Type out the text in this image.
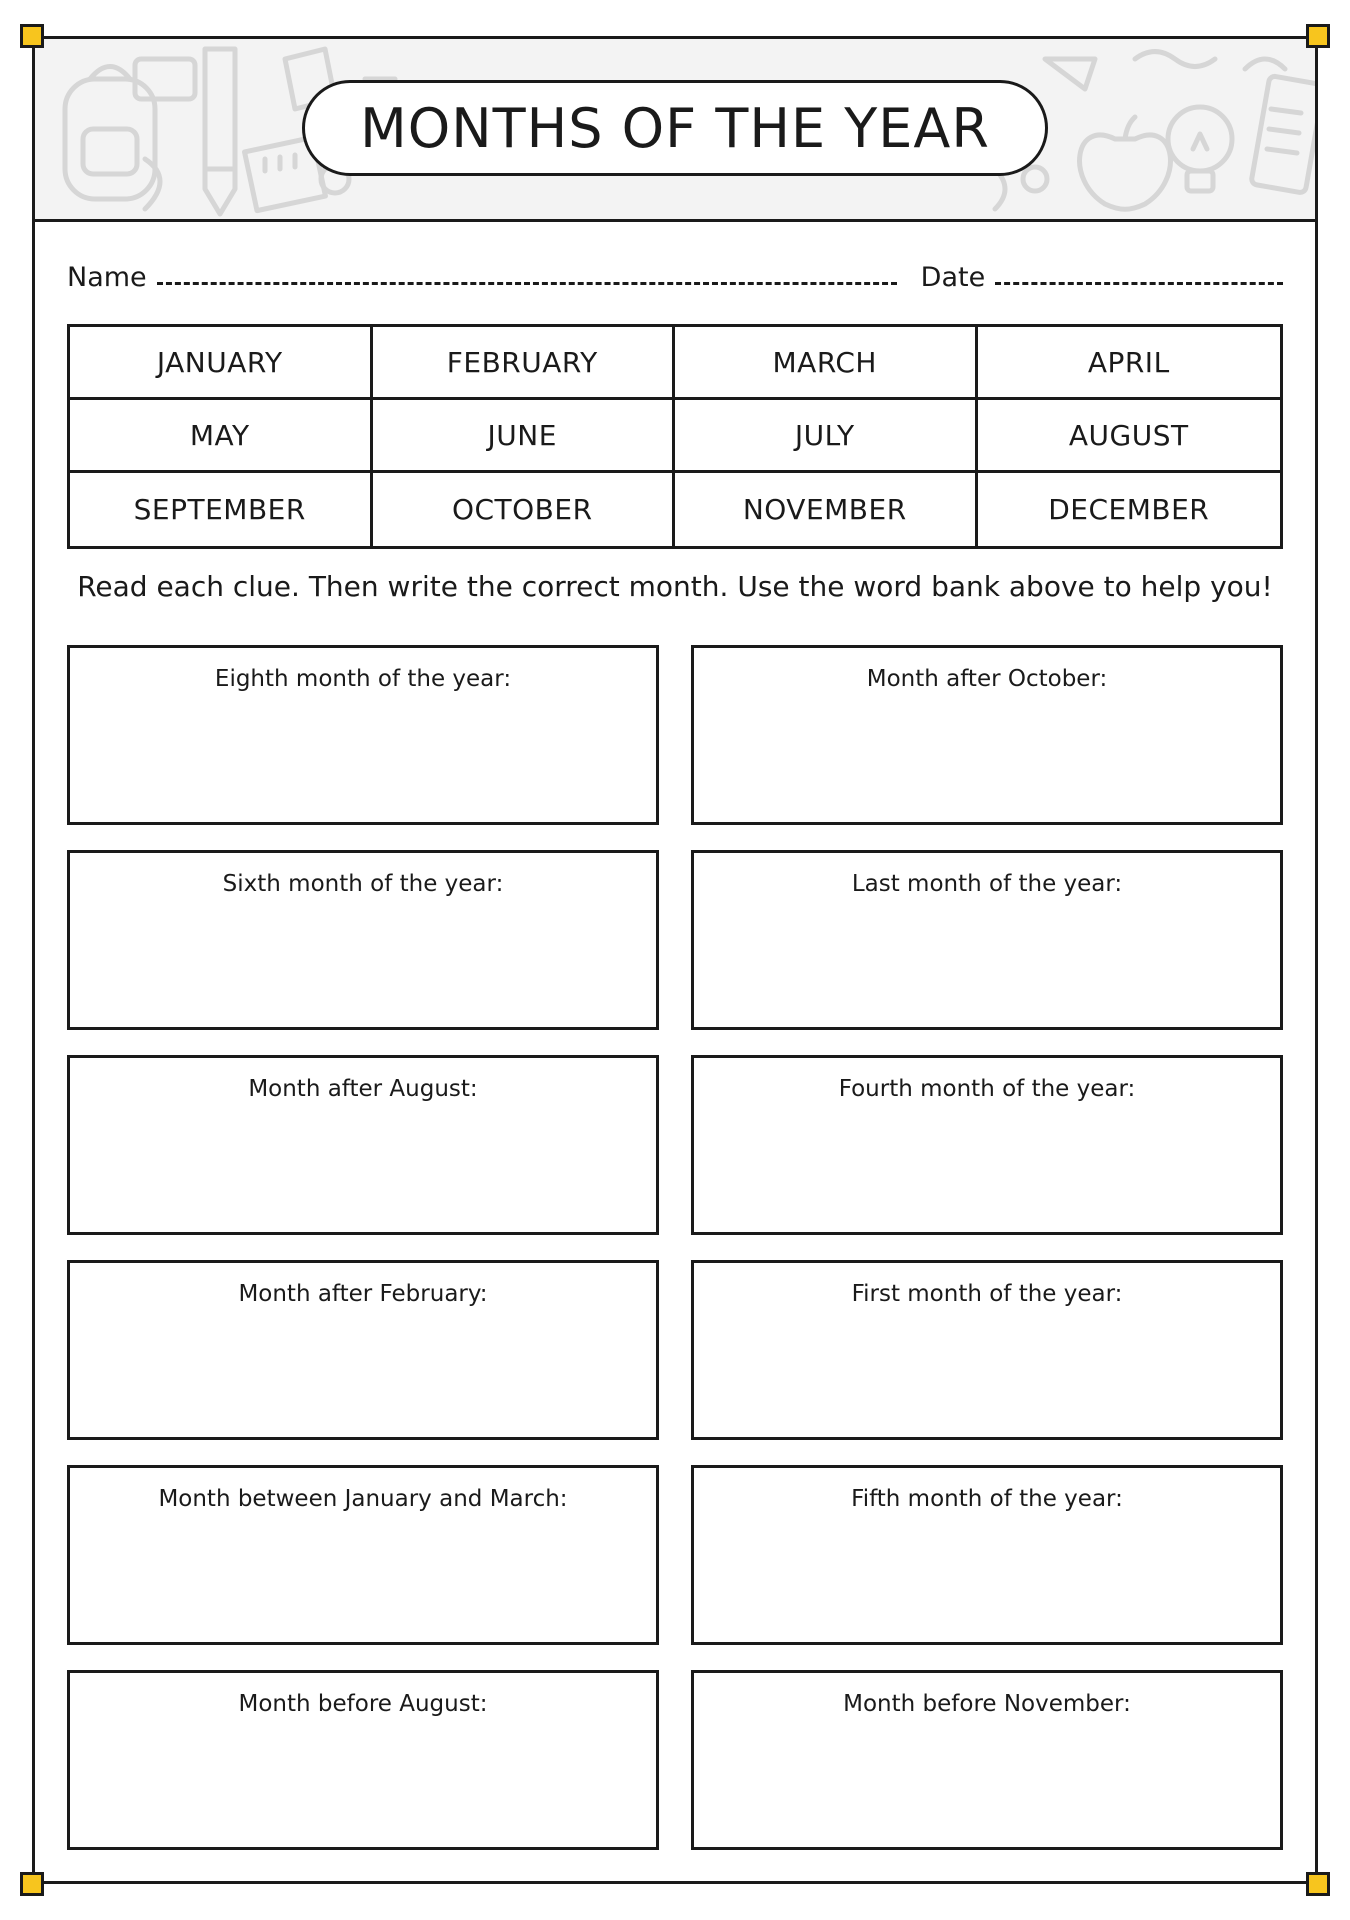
MONTHS OF THE YEAR
Name	Date
JANUARY	FEBRUARY	MARCH	APRIL
MAY	JUNE	JULY	AUGUST
SEPTEMBER	OCTOBER	NOVEMBER	DECEMBER
Read each clue. Then write the correct month. Use the word bank above to help you!
Eighth month of the year:	Month after October:
Sixth month of the year:	Last month of the year:
Month after August:	Fourth month of the year:
Month after February:	First month of the year:
Month between January and March:	Fifth month of the year:
Month before August:	Month before November:
